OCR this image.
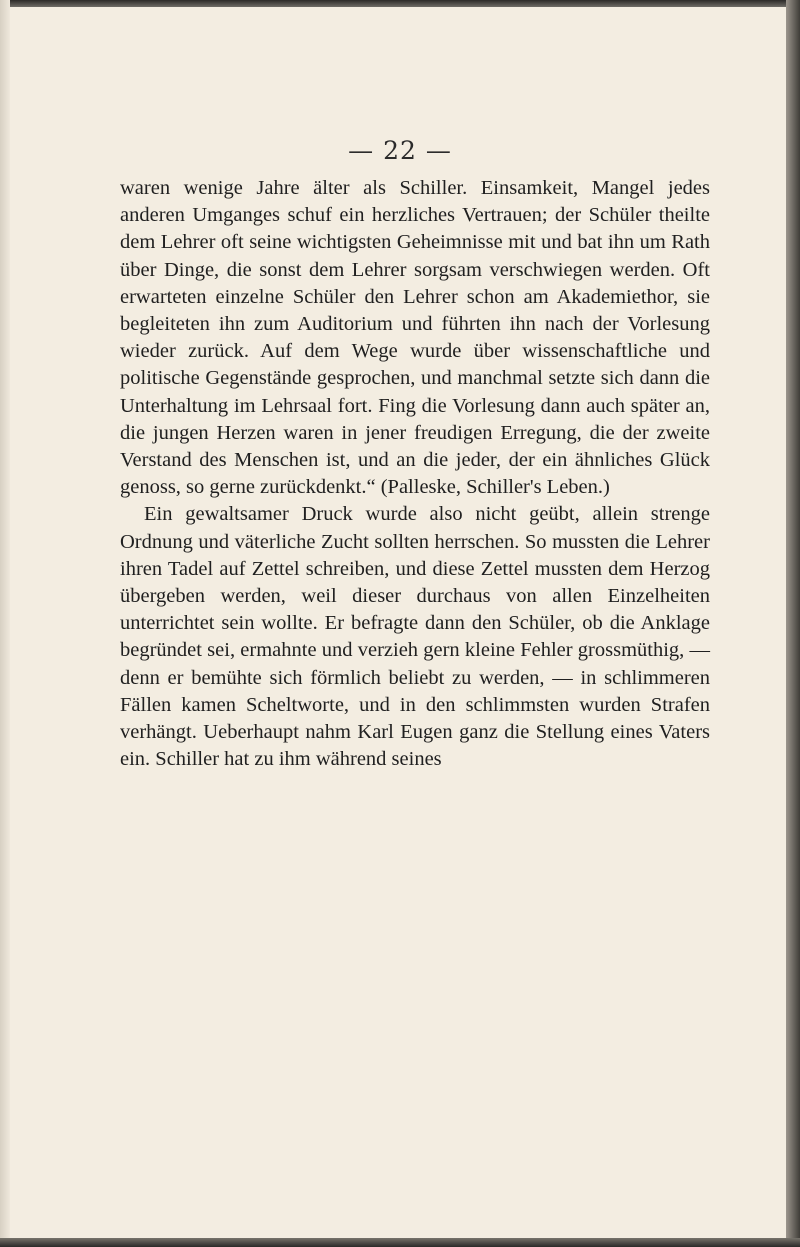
— 22 —

waren wenige Jahre älter als Schiller. Einsamkeit, Mangel jedes anderen Umganges schuf ein herzliches Vertrauen; der Schüler theilte dem Lehrer oft seine wichtigsten Geheimnisse mit und bat ihn um Rath über Dinge, die sonst dem Lehrer sorgsam verschwiegen werden. Oft erwarteten einzelne Schüler den Lehrer schon am Akademiethor, sie begleiteten ihn zum Auditorium und führten ihn nach der Vorlesung wieder zurück. Auf dem Wege wurde über wissenschaftliche und politische Gegenstände gesprochen, und manchmal setzte sich dann die Unterhaltung im Lehrsaal fort. Fing die Vorlesung dann auch später an, die jungen Herzen waren in jener freudigen Erregung, die der zweite Verstand des Menschen ist, und an die jeder, der ein ähnliches Glück genoss, so gerne zurückdenkt.“ (Palleske, Schiller's Leben.)

Ein gewaltsamer Druck wurde also nicht geübt, allein strenge Ordnung und väterliche Zucht sollten herrschen. So mussten die Lehrer ihren Tadel auf Zettel schreiben, und diese Zettel mussten dem Herzog übergeben werden, weil dieser durchaus von allen Einzelheiten unterrichtet sein wollte. Er befragte dann den Schüler, ob die Anklage begründet sei, ermahnte und verzieh gern kleine Fehler grossmüthig, — denn er bemühte sich förmlich beliebt zu werden, — in schlimmeren Fällen kamen Scheltworte, und in den schlimmsten wurden Strafen verhängt. Ueberhaupt nahm Karl Eugen ganz die Stellung eines Vaters ein. Schiller hat zu ihm während seines
